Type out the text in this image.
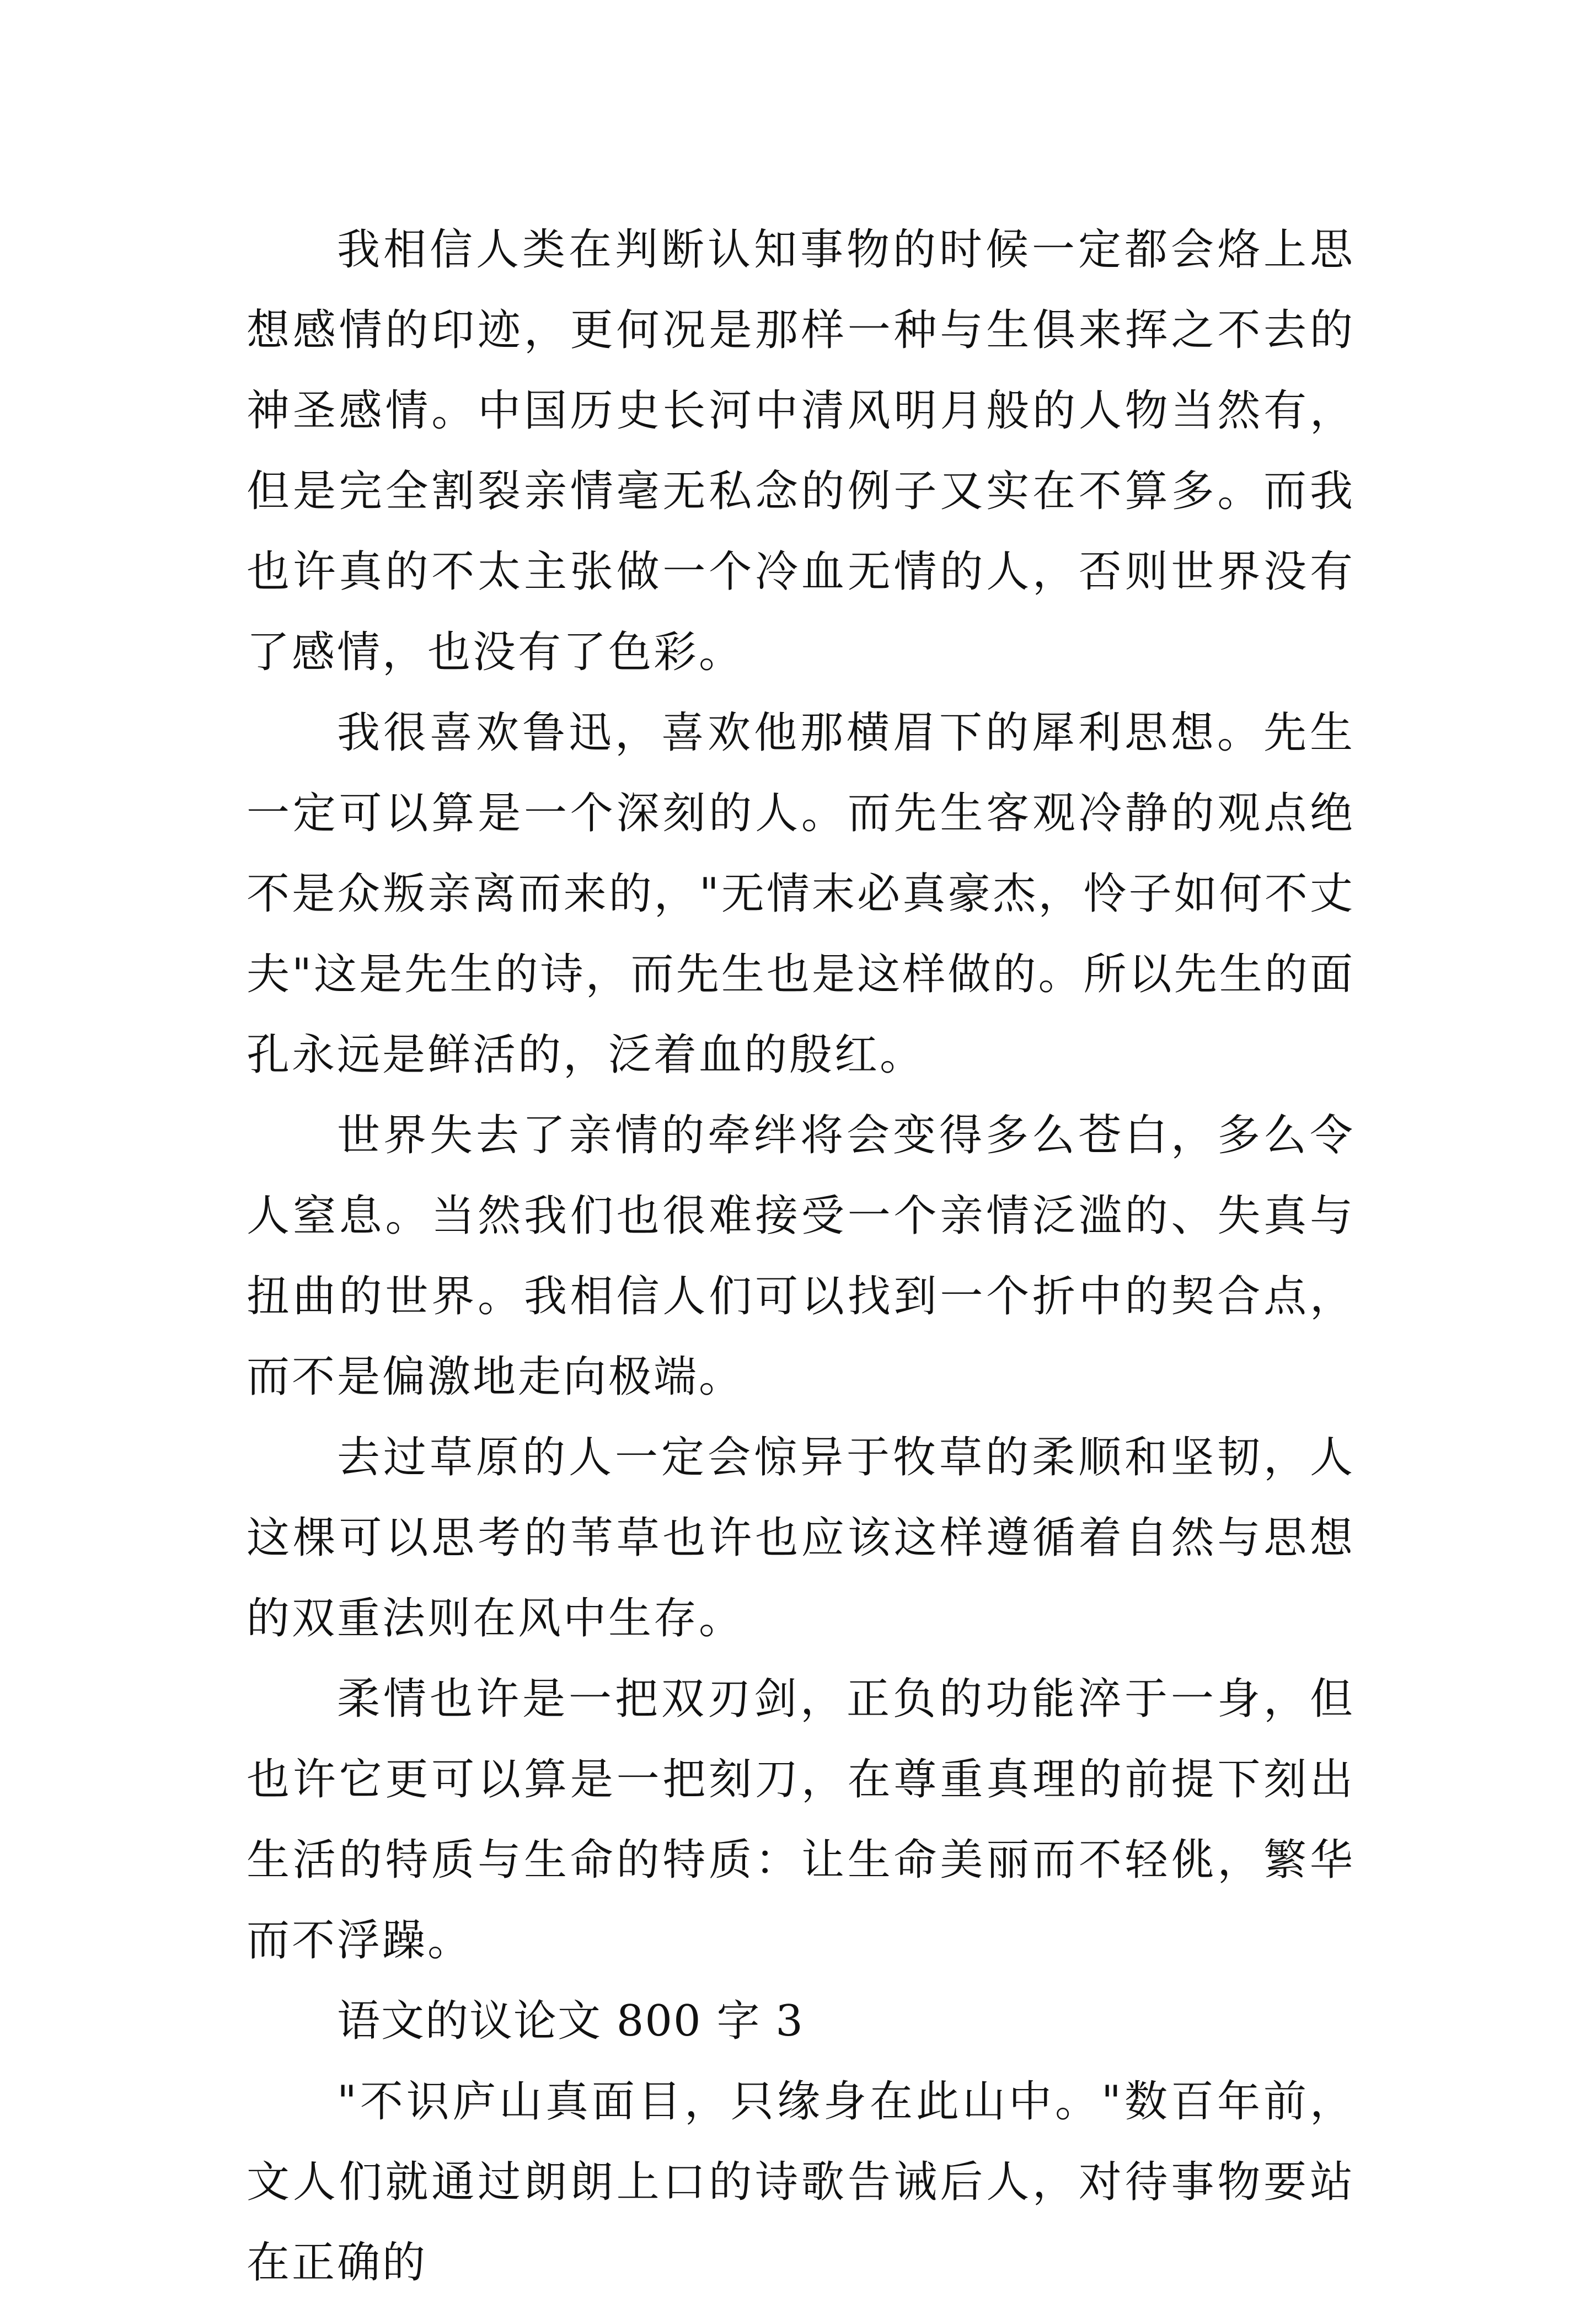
我相信人类在判断认知事物的时候一定都会烙上思想感情的印迹，更何况是那样一种与生俱来挥之不去的神圣感情。中国历史长河中清风明月般的人物当然有，但是完全割裂亲情毫无私念的例子又实在不算多。而我也许真的不太主张做一个冷血无情的人，否则世界没有了感情，也没有了色彩。

我很喜欢鲁迅，喜欢他那横眉下的犀利思想。先生一定可以算是一个深刻的人。而先生客观冷静的观点绝不是众叛亲离而来的，"无情末必真豪杰，怜子如何不丈夫"这是先生的诗，而先生也是这样做的。所以先生的面孔永远是鲜活的，泛着血的殷红。

世界失去了亲情的牵绊将会变得多么苍白，多么令人窒息。当然我们也很难接受一个亲情泛滥的、失真与扭曲的世界。我相信人们可以找到一个折中的契合点，而不是偏激地走向极端。

去过草原的人一定会惊异于牧草的柔顺和坚韧，人这棵可以思考的苇草也许也应该这样遵循着自然与思想的双重法则在风中生存。

柔情也许是一把双刃剑，正负的功能淬于一身，但也许它更可以算是一把刻刀，在尊重真理的前提下刻出生活的特质与生命的特质：让生命美丽而不轻佻，繁华而不浮躁。

语文的议论文 800 字 3

"不识庐山真面目，只缘身在此山中。"数百年前，文人们就通过朗朗上口的诗歌告诫后人，对待事物要站在正确的
